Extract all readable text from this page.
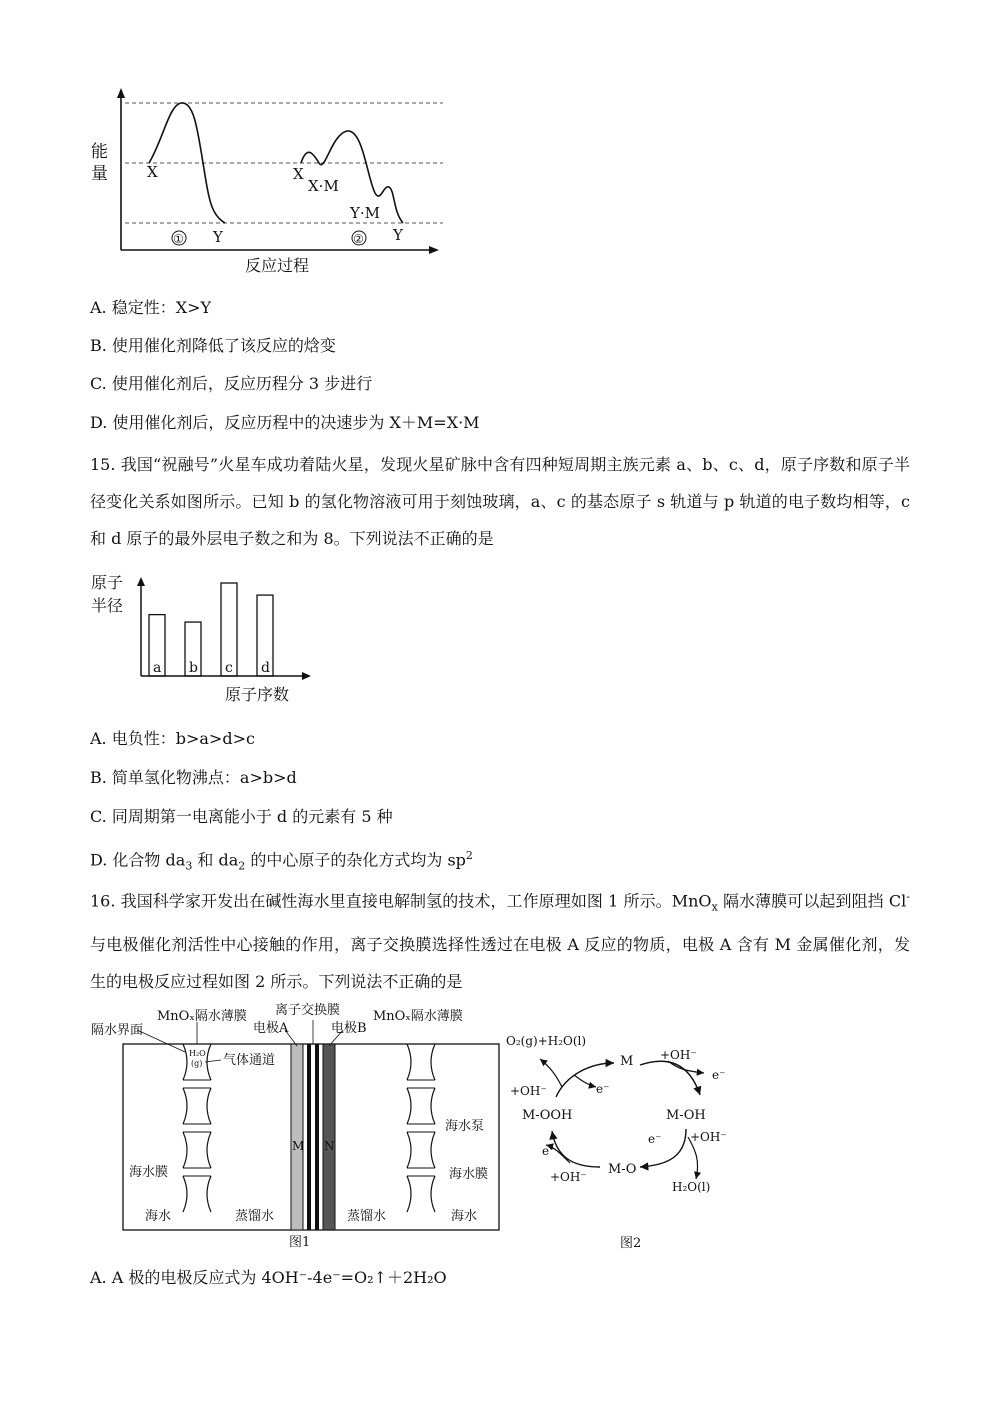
能
量	X
Y
①
X
X·M
Y·M
Y
②
反应过程
A. 稳定性：X>Y
B. 使用催化剂降低了该反应的焓变
C. 使用催化剂后，反应历程分 3 步进行
D. 使用催化剂后，反应历程中的决速步为 X＋M=X·M
15. 我国“祝融号”火星车成功着陆火星，发现火星矿脉中含有四种短周期主族元素 a、b、c、d，原子序数和原子半径变化关系如图所示。已知 b 的氢化物溶液可用于刻蚀玻璃，a、c 的基态原子 s 轨道与 p 轨道的电子数均相等，c 和 d 原子的最外层电子数之和为 8。下列说法不正确的是
原子
半径
a b c d
原子序数
A. 电负性：b>a>d>c
B. 简单氢化物沸点：a>b>d
C. 同周期第一电离能小于 d 的元素有 5 种
D. 化合物 $da_3$ 和 $da_2$ 的中心原子的杂化方式均为 $sp^2$
16. 我国科学家开发出在碱性海水里直接电解制氢的技术，工作原理如图 1 所示。MnO$_x$ 隔水薄膜可以起到阻挡 Cl- 与电极催化剂活性中心接触的作用，离子交换膜选择性透过在电极 A 反应的物质，电极 A 含有 M 金属催化剂，发生的电极反应过程如图 2 所示。下列说法不正确的是
隔水界面
MnOₓ隔水薄膜 离子交换膜
电极A	电极B
MnOₓ隔水薄膜
H₂O
(g) 气体通道
M N
海水膜
海水	蒸馏水	蒸馏水
海水泵
海水膜
海水
图1
O₂(g)+H₂O(l)
M +OH⁻
e⁻
+OH⁻	e⁻
M-OOH	M-OH
e⁻ +OH⁻
e⁻
+OH⁻ M-O
H₂O(l)
图2
A. A 极的电极反应式为 4OH⁻-4e⁻=O₂↑＋2H₂O
